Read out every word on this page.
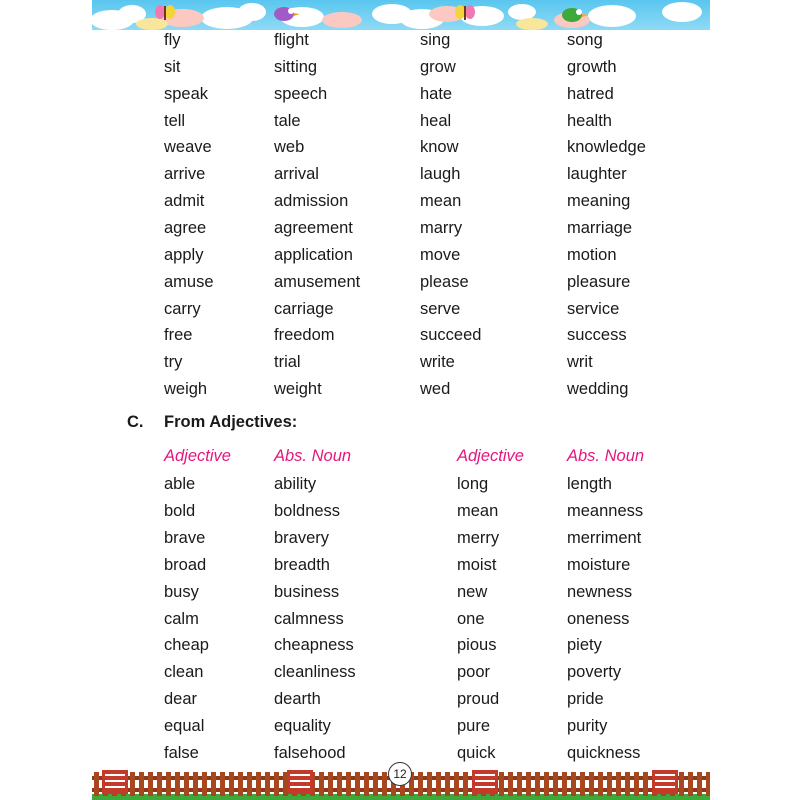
fly	flight	sing	song
sit	sitting	grow	growth
speak	speech	hate	hatred
tell	tale	heal	health
weave	web	know	knowledge
arrive	arrival	laugh	laughter
admit	admission	mean	meaning
agree	agreement	marry	marriage
apply	application	move	motion
amuse	amusement	please	pleasure
carry	carriage	serve	service
free	freedom	succeed	success
try	trial	write	writ
weigh	weight	wed	wedding
C. From Adjectives:
Adjective	Abs. Noun	Adjective	Abs. Noun
able	ability	long	length
bold	boldness	mean	meanness
brave	bravery	merry	merriment
broad	breadth	moist	moisture
busy	business	new	newness
calm	calmness	one	oneness
cheap	cheapness	pious	piety
clean	cleanliness	poor	poverty
dear	dearth	proud	pride
equal	equality	pure	purity
false	falsehood	quick	quickness
12
